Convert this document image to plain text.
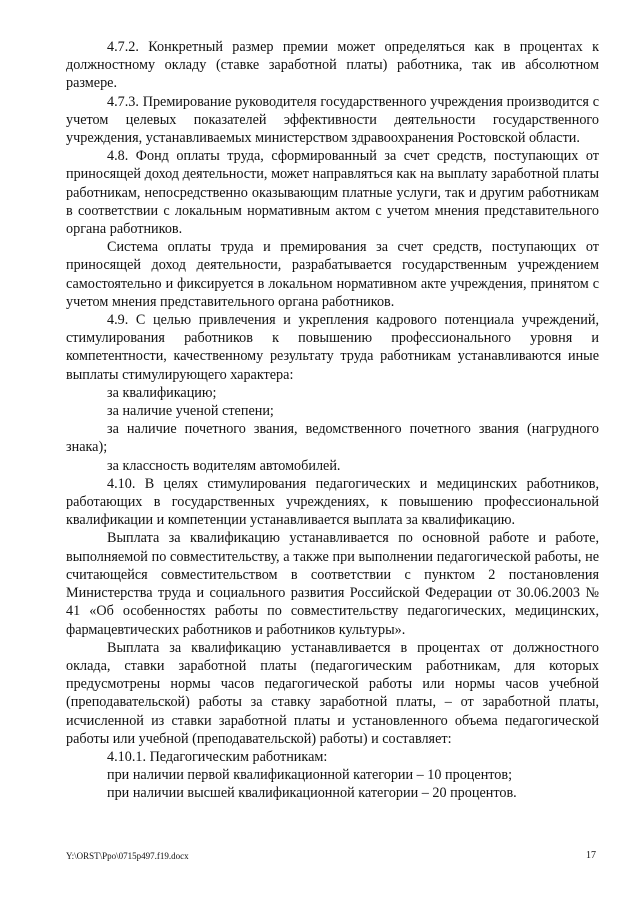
4.7.2. Конкретный размер премии может определяться как в процентах к должностному окладу (ставке заработной платы) работника, так ив абсолютном размере.

4.7.3. Премирование руководителя государственного учреждения производится с учетом целевых показателей эффективности деятельности государственного учреждения, устанавливаемых министерством здравоохранения Ростовской области.

4.8. Фонд оплаты труда, сформированный за счет средств, поступающих от приносящей доход деятельности, может направляться как на выплату заработной платы работникам, непосредственно оказывающим платные услуги, так и другим работникам в соответствии с локальным нормативным актом с учетом мнения представительного органа работников.

Система оплаты труда и премирования за счет средств, поступающих от приносящей доход деятельности, разрабатывается государственным учреждением самостоятельно и фиксируется в локальном нормативном акте учреждения, принятом с учетом мнения представительного органа работников.

4.9. С целью привлечения и укрепления кадрового потенциала учреждений, стимулирования работников к повышению профессионального уровня и компетентности, качественному результату труда работникам устанавливаются иные выплаты стимулирующего характера:

за квалификацию;

за наличие ученой степени;

за наличие почетного звания, ведомственного почетного звания (нагрудного знака);

за классность водителям автомобилей.

4.10. В целях стимулирования педагогических и медицинских работников, работающих в государственных учреждениях, к повышению профессиональной квалификации и компетенции устанавливается выплата за квалификацию.

Выплата за квалификацию устанавливается по основной работе и работе, выполняемой по совместительству, а также при выполнении педагогической работы, не считающейся совместительством в соответствии с пунктом 2 постановления Министерства труда и социального развития Российской Федерации от 30.06.2003 № 41 «Об особенностях работы по совместительству педагогических, медицинских, фармацевтических работников и работников культуры».

Выплата за квалификацию устанавливается в процентах от должностного оклада, ставки заработной платы (педагогическим работникам, для которых предусмотрены нормы часов педагогической работы или нормы часов учебной (преподавательской) работы за ставку заработной платы, – от заработной платы, исчисленной из ставки заработной платы и установленного объема педагогической работы или учебной (преподавательской) работы) и составляет:

4.10.1. Педагогическим работникам:

при наличии первой квалификационной категории – 10 процентов;

при наличии высшей квалификационной категории – 20 процентов.

Y:\ORST\Ppo\0715p497.f19.docx	17
